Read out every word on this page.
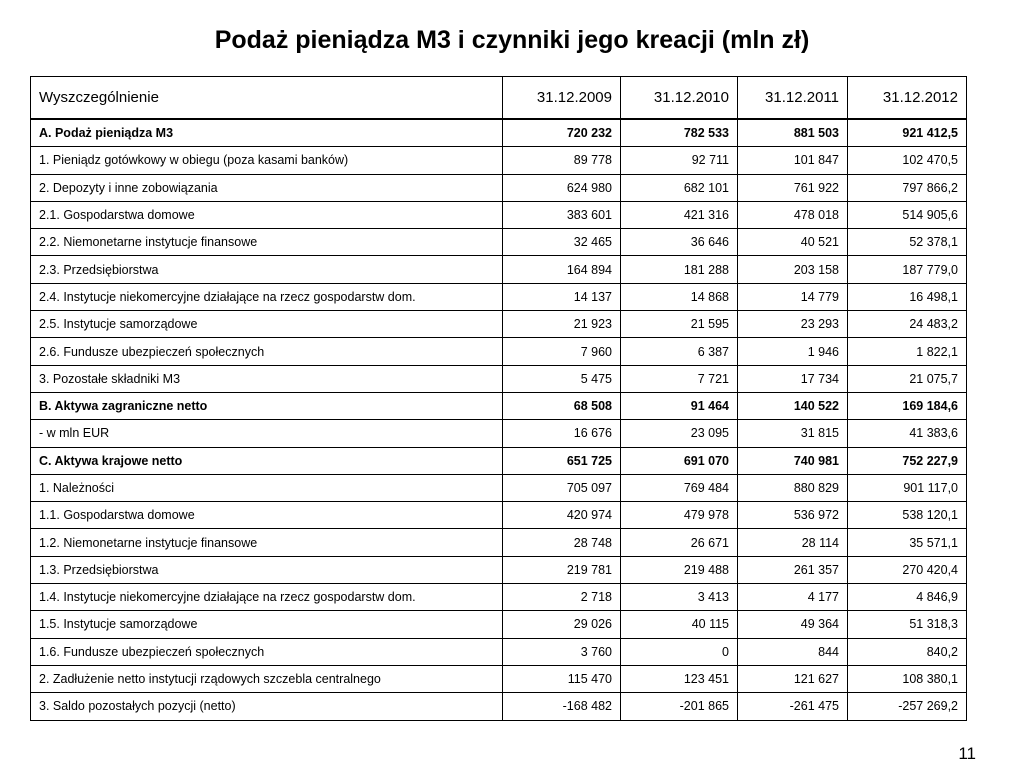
Podaż pieniądza M3 i czynniki jego kreacji (mln zł)
Wyszczególnienie	31.12.2009	31.12.2010	31.12.2011	31.12.2012
A. Podaż pieniądza M3	720 232	782 533	881 503	921 412,5
1. Pieniądz gotówkowy w obiegu (poza kasami banków)	89 778	92 711	101 847	102 470,5
2. Depozyty i inne zobowiązania	624 980	682 101	761 922	797 866,2
2.1. Gospodarstwa domowe	383 601	421 316	478 018	514 905,6
2.2. Niemonetarne instytucje finansowe	32 465	36 646	40 521	52 378,1
2.3. Przedsiębiorstwa	164 894	181 288	203 158	187 779,0
2.4. Instytucje niekomercyjne działające na rzecz gospodarstw dom.	14 137	14 868	14 779	16 498,1
2.5. Instytucje samorządowe	21 923	21 595	23 293	24 483,2
2.6. Fundusze ubezpieczeń społecznych	7 960	6 387	1 946	1 822,1
3. Pozostałe składniki M3	5 475	7 721	17 734	21 075,7
B. Aktywa zagraniczne netto	68 508	91 464	140 522	169 184,6
- w mln EUR	16 676	23 095	31 815	41 383,6
C. Aktywa krajowe netto	651 725	691 070	740 981	752 227,9
1. Należności	705 097	769 484	880 829	901 117,0
1.1. Gospodarstwa domowe	420 974	479 978	536 972	538 120,1
1.2. Niemonetarne instytucje finansowe	28 748	26 671	28 114	35 571,1
1.3. Przedsiębiorstwa	219 781	219 488	261 357	270 420,4
1.4. Instytucje niekomercyjne działające na rzecz gospodarstw dom.	2 718	3 413	4 177	4 846,9
1.5. Instytucje samorządowe	29 026	40 115	49 364	51 318,3
1.6. Fundusze ubezpieczeń społecznych	3 760	0	844	840,2
2. Zadłużenie netto instytucji rządowych szczebla centralnego	115 470	123 451	121 627	108 380,1
3. Saldo pozostałych pozycji (netto)	-168 482	-201 865	-261 475	-257 269,2
11
